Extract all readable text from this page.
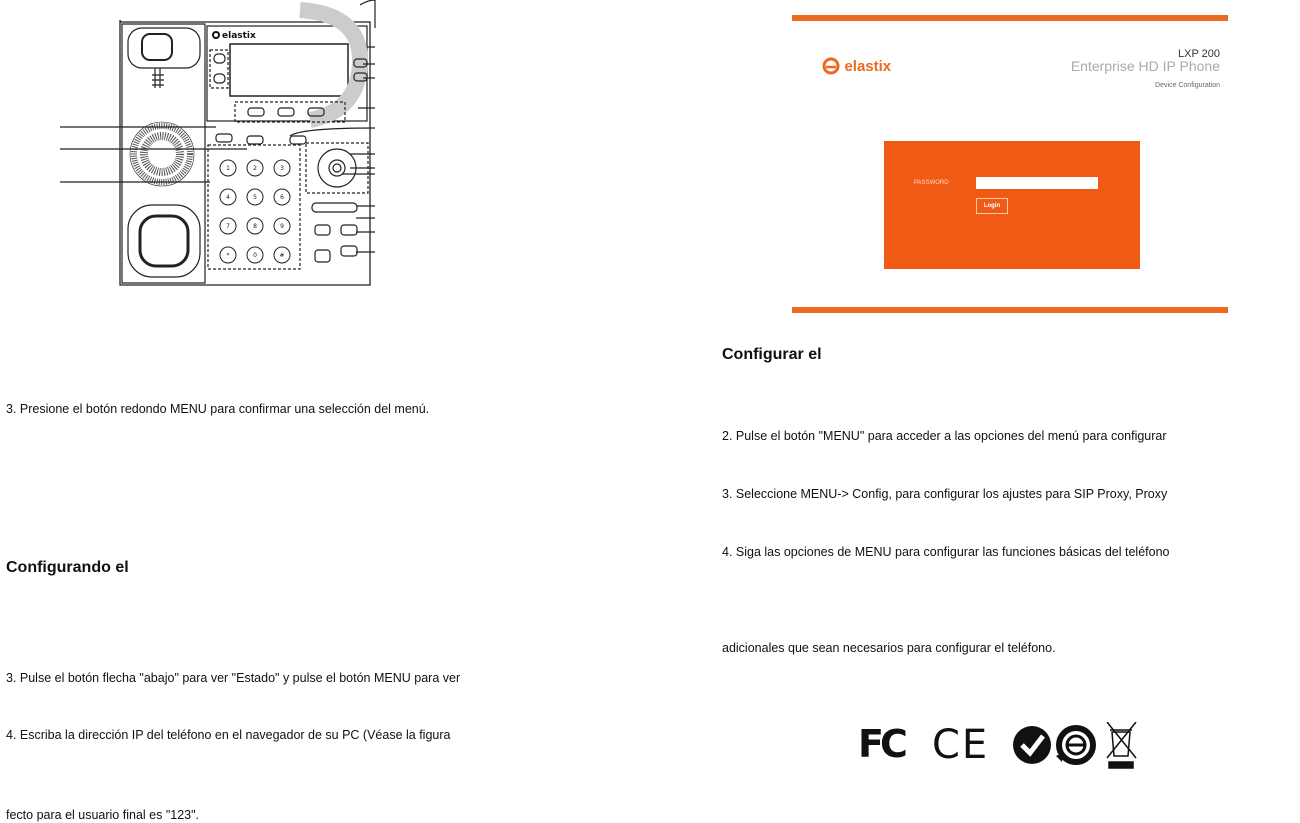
1	2	3
4	5	6
7	8	9
*	0	#
elastix
3. Presione el botón redondo MENU para confirmar una selección del menú.
Configurando el
3. Pulse el botón flecha "abajo" para ver "Estado" y pulse el botón MENU para ver
4. Escriba la dirección IP del teléfono en el navegador de su PC (Véase la figura
fecto para el usuario final es "123".
elastix
LXP 200
Enterprise HD IP Phone
Device Configuration
PASSWORD
Login
Configurar el
2. Pulse el botón "MENU" para acceder a las opciones del menú para configurar
3. Seleccione MENU-> Config, para configurar los ajustes para SIP Proxy, Proxy
4. Siga las opciones de MENU para configurar las funciones básicas del teléfono
adicionales que sean necesarios para configurar el teléfono.
FC CE
